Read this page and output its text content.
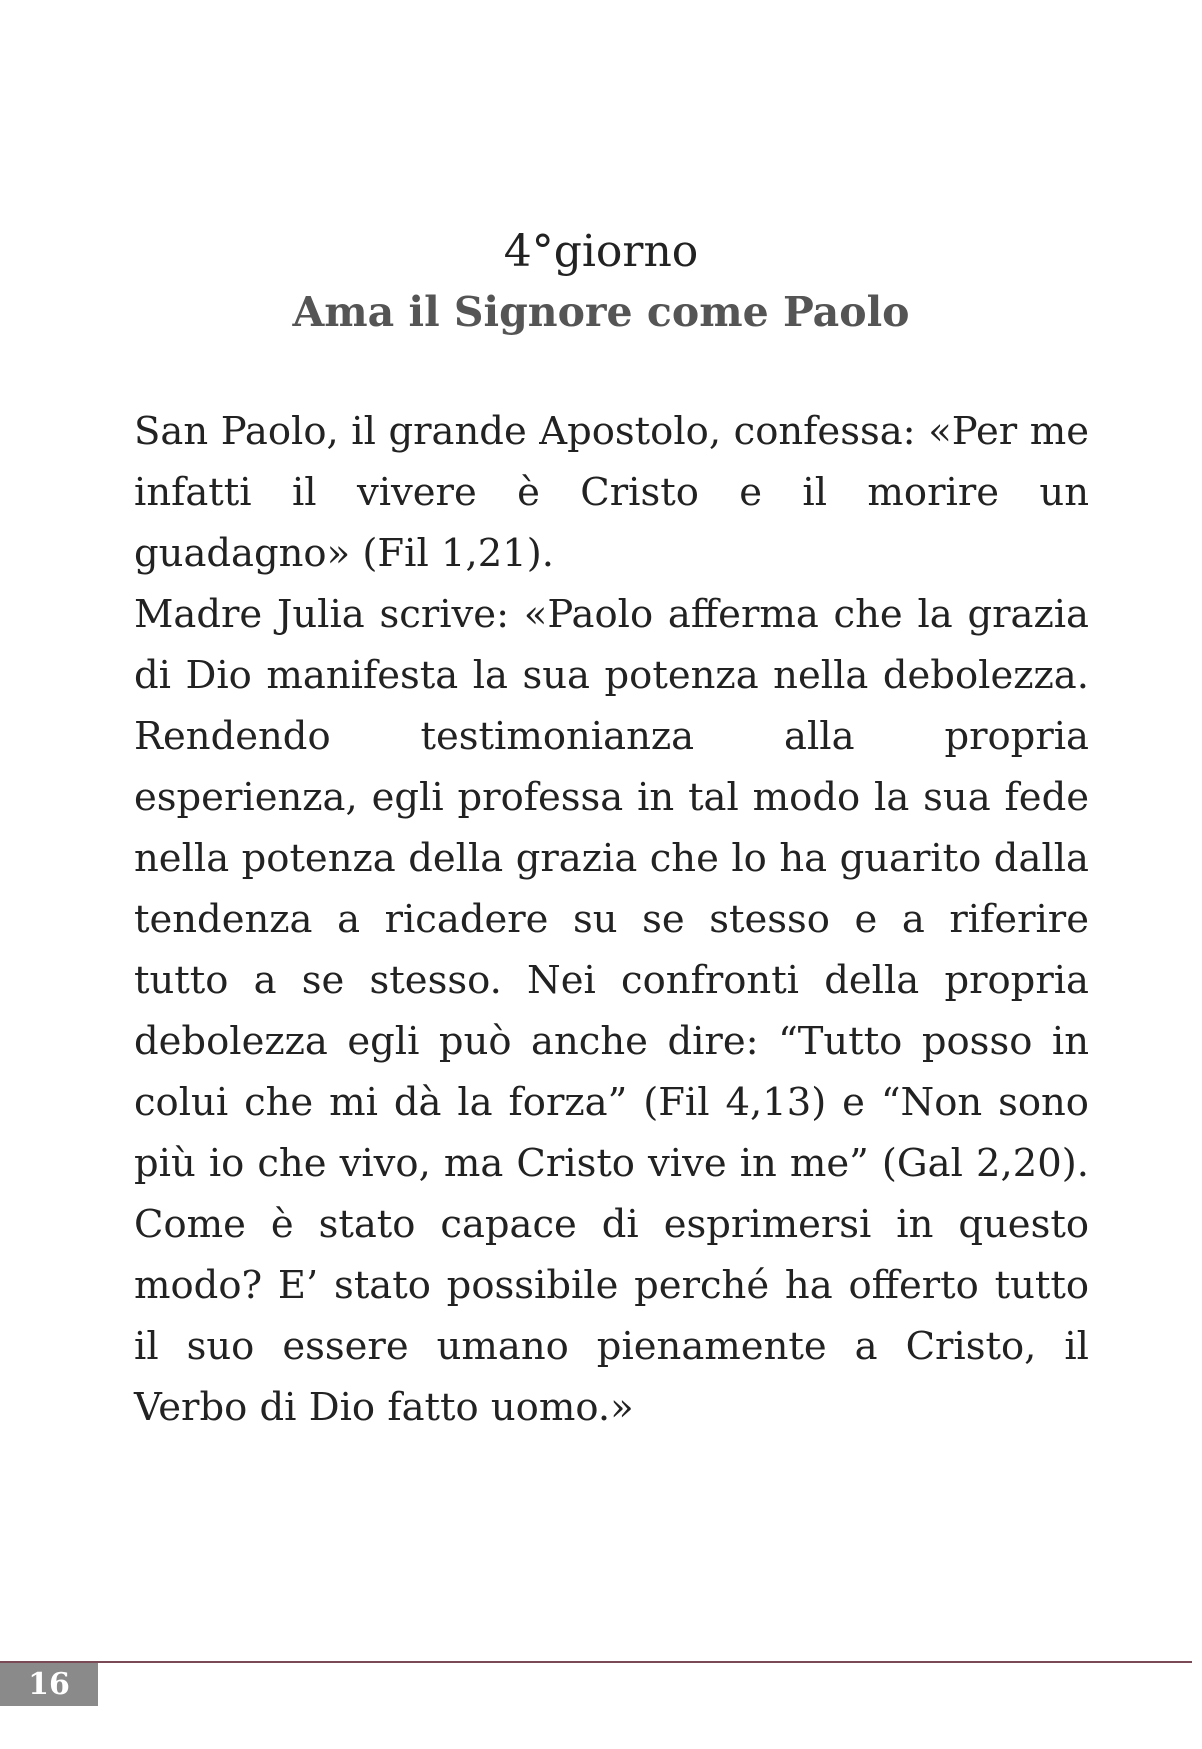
4°giorno
Ama il Signore come Paolo

San Paolo, il grande Apostolo, confessa: «Per me infatti il vivere è Cristo e il morire un guadagno» (Fil 1,21).

Madre Julia scrive: «Paolo afferma che la grazia di Dio manifesta la sua potenza nella debolezza. Rendendo testimonianza alla propria esperienza, egli professa in tal modo la sua fede nella potenza della grazia che lo ha guarito dalla tendenza a ricadere su se stesso e a riferire tutto a se stesso. Nei confronti della propria debolezza egli può anche dire: “Tutto posso in colui che mi dà la forza” (Fil 4,13) e “Non sono più io che vivo, ma Cristo vive in me” (Gal 2,20). Come è stato capace di esprimersi in questo modo? E’ stato possibile perché ha offerto tutto il suo essere umano pienamente a Cristo, il Verbo di Dio fatto uomo.»

16
